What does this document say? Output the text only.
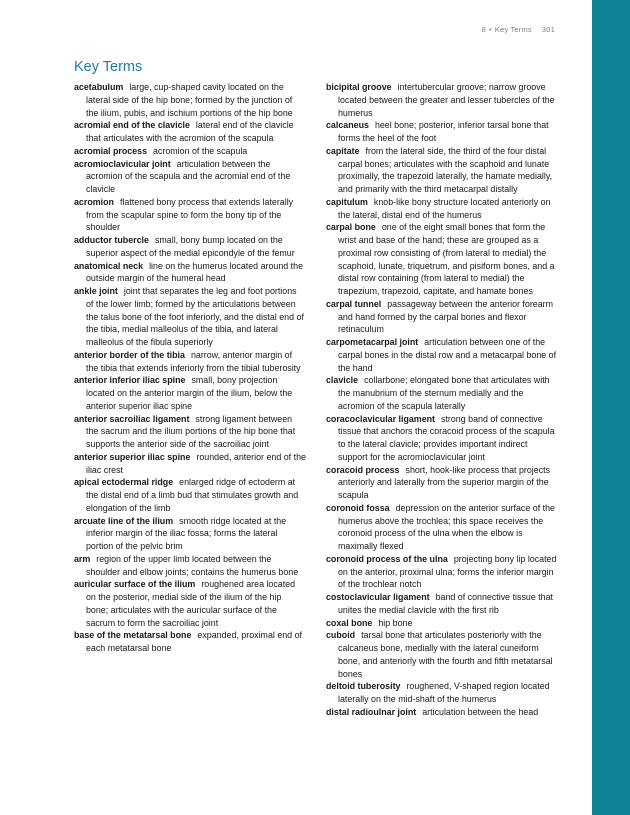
8 • Key Terms 301
Key Terms

acetabulum large, cup-shaped cavity located on the lateral side of the hip bone; formed by the junction of the ilium, pubis, and ischium portions of the hip bone

acromial end of the clavicle lateral end of the clavicle that articulates with the acromion of the scapula

acromial process acromion of the scapula

acromioclavicular joint articulation between the acromion of the scapula and the acromial end of the clavicle

acromion flattened bony process that extends laterally from the scapular spine to form the bony tip of the shoulder

adductor tubercle small, bony bump located on the superior aspect of the medial epicondyle of the femur

anatomical neck line on the humerus located around the outside margin of the humeral head

ankle joint joint that separates the leg and foot portions of the lower limb; formed by the articulations between the talus bone of the foot inferiorly, and the distal end of the tibia, medial malleolus of the tibia, and lateral malleolus of the fibula superiorly

anterior border of the tibia narrow, anterior margin of the tibia that extends inferiorly from the tibial tuberosity

anterior inferior iliac spine small, bony projection located on the anterior margin of the ilium, below the anterior superior iliac spine

anterior sacroiliac ligament strong ligament between the sacrum and the ilium portions of the hip bone that supports the anterior side of the sacroiliac joint

anterior superior iliac spine rounded, anterior end of the iliac crest

apical ectodermal ridge enlarged ridge of ectoderm at the distal end of a limb bud that stimulates growth and elongation of the limb

arcuate line of the ilium smooth ridge located at the inferior margin of the iliac fossa; forms the lateral portion of the pelvic brim

arm region of the upper limb located between the shoulder and elbow joints; contains the humerus bone

auricular surface of the ilium roughened area located on the posterior, medial side of the ilium of the hip bone; articulates with the auricular surface of the sacrum to form the sacroiliac joint

base of the metatarsal bone expanded, proximal end of each metatarsal bone

bicipital groove intertubercular groove; narrow groove located between the greater and lesser tubercles of the humerus

calcaneus heel bone; posterior, inferior tarsal bone that forms the heel of the foot

capitate from the lateral side, the third of the four distal carpal bones; articulates with the scaphoid and lunate proximally, the trapezoid laterally, the hamate medially, and primarily with the third metacarpal distally

capitulum knob-like bony structure located anteriorly on the lateral, distal end of the humerus

carpal bone one of the eight small bones that form the wrist and base of the hand; these are grouped as a proximal row consisting of (from lateral to medial) the scaphoid, lunate, triquetrum, and pisiform bones, and a distal row containing (from lateral to medial) the trapezium, trapezoid, capitate, and hamate bones

carpal tunnel passageway between the anterior forearm and hand formed by the carpal bones and flexor retinaculum

carpometacarpal joint articulation between one of the carpal bones in the distal row and a metacarpal bone of the hand

clavicle collarbone; elongated bone that articulates with the manubrium of the sternum medially and the acromion of the scapula laterally

coracoclavicular ligament strong band of connective tissue that anchors the coracoid process of the scapula to the lateral clavicle; provides important indirect support for the acromioclavicular joint

coracoid process short, hook-like process that projects anteriorly and laterally from the superior margin of the scapula

coronoid fossa depression on the anterior surface of the humerus above the trochlea; this space receives the coronoid process of the ulna when the elbow is maximally flexed

coronoid process of the ulna projecting bony lip located on the anterior, proximal ulna; forms the inferior margin of the trochlear notch

costoclavicular ligament band of connective tissue that unites the medial clavicle with the first rib

coxal bone hip bone

cuboid tarsal bone that articulates posteriorly with the calcaneus bone, medially with the lateral cuneiform bone, and anteriorly with the fourth and fifth metatarsal bones

deltoid tuberosity roughened, V-shaped region located laterally on the mid-shaft of the humerus

distal radioulnar joint articulation between the head
